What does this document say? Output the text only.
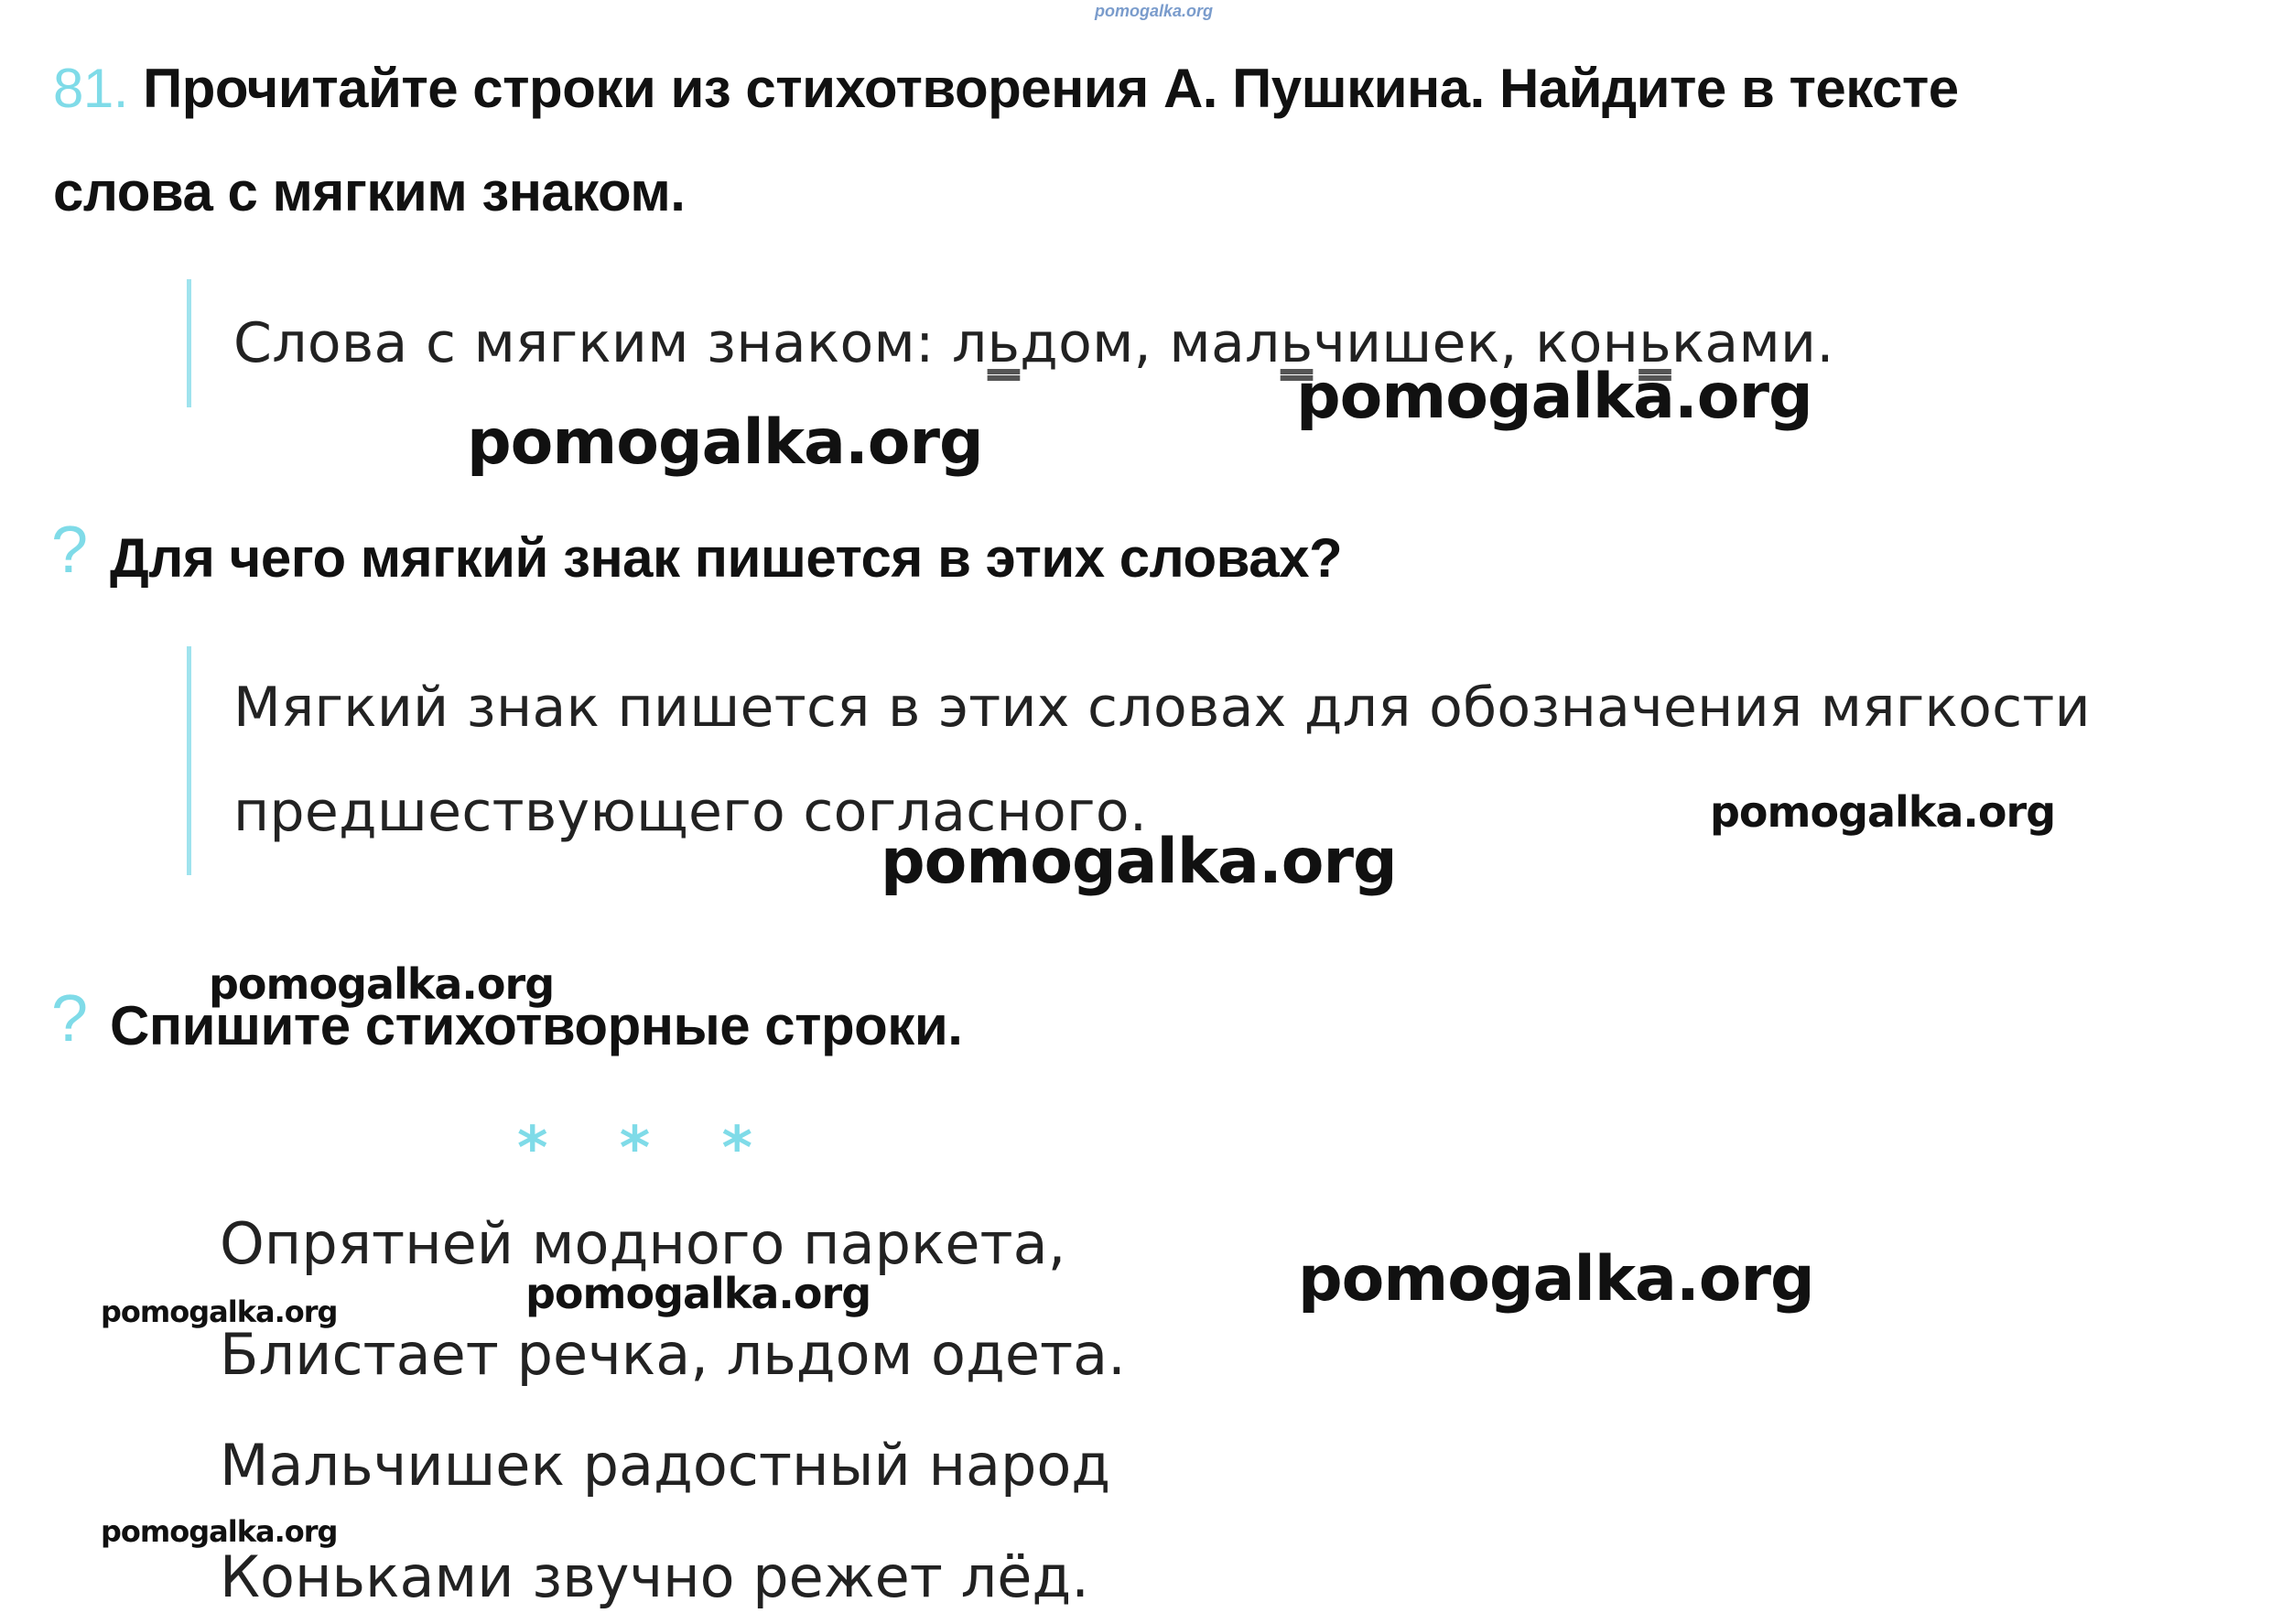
pomogalka.org
81. Прочитайте строки из стихотворения А. Пушкина. Найдите в тексте
слова с мягким знаком.
Слова с мягким знаком: льдом, мальчишек, коньками.
pomogalka.org
pomogalka.org
? Для чего мягкий знак пишется в этих словах?
Мягкий знак пишется в этих словах для обозначения мягкости
предшествующего согласного.	pomogalka.org
pomogalka.org
pomogalka.org
? Спишите стихотворные строки.
* * *
Опрятней модного паркета,
Блистает речка, льдом одета.
Мальчишек радостный народ
Коньками звучно режет лёд.
pomogalka.org
pomogalka.org
pomogalka.org
pomogalka.org
